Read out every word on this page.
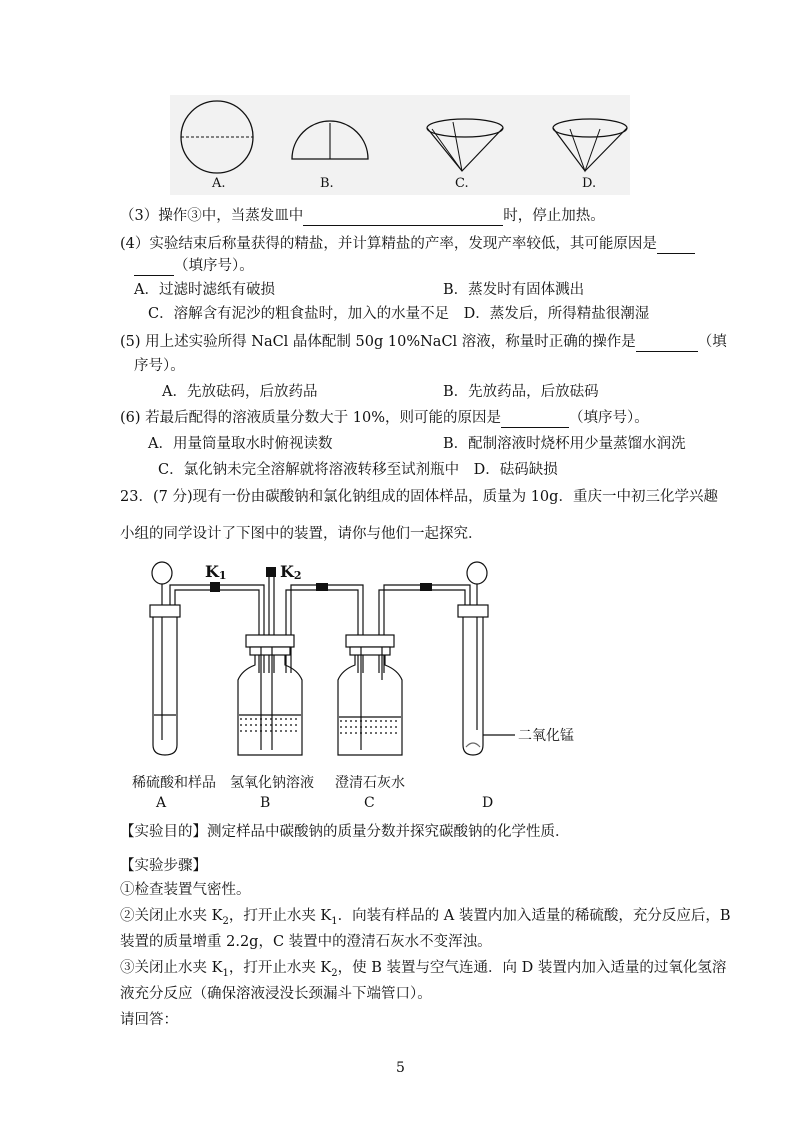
A.	B.	C.	D.
（3）操作③中，当蒸发皿中	时，停止加热。
(4）实验结束后称量获得的精盐，并计算精盐的产率，发现产率较低，其可能原因是
（填序号）。
A．过滤时滤纸有破损	B．蒸发时有固体溅出
C．溶解含有泥沙的粗食盐时，加入的水量不足　D．蒸发后，所得精盐很潮湿
(5) 用上述实验所得 NaCl 晶体配制 50g 10%NaCl 溶液，称量时正确的操作是	（填
序号）。
A．先放砝码，后放药品	B．先放药品，后放砝码
(6) 若最后配得的溶液质量分数大于 10%，则可能的原因是	（填序号）。
A．用量筒量取水时俯视读数	B．配制溶液时烧杯用少量蒸馏水润洗
C．氯化钠未完全溶解就将溶液转移至试剂瓶中　D．砝码缺损
23．(7 分)现有一份由碳酸钠和氯化钠组成的固体样品，质量为 10g．重庆一中初三化学兴趣
小组的同学设计了下图中的装置，请你与他们一起探究．
K1	K2
二氧化锰
稀硫酸和样品 氢氧化钠溶液 澄清石灰水
A	B	C	D
【实验目的】测定样品中碳酸钠的质量分数并探究碳酸钠的化学性质．
【实验步骤】
①检查装置气密性。
②关闭止水夹 $K_2$，打开止水夹 $K_1$．向装有样品的 A 装置内加入适量的稀硫酸，充分反应后，B
装置的质量增重 2.2g，C 装置中的澄清石灰水不变浑浊。
③关闭止水夹 $K_1$，打开止水夹 $K_2$，使 B 装置与空气连通．向 D 装置内加入适量的过氧化氢溶
液充分反应（确保溶液浸没长颈漏斗下端管口）。
请回答：
5
